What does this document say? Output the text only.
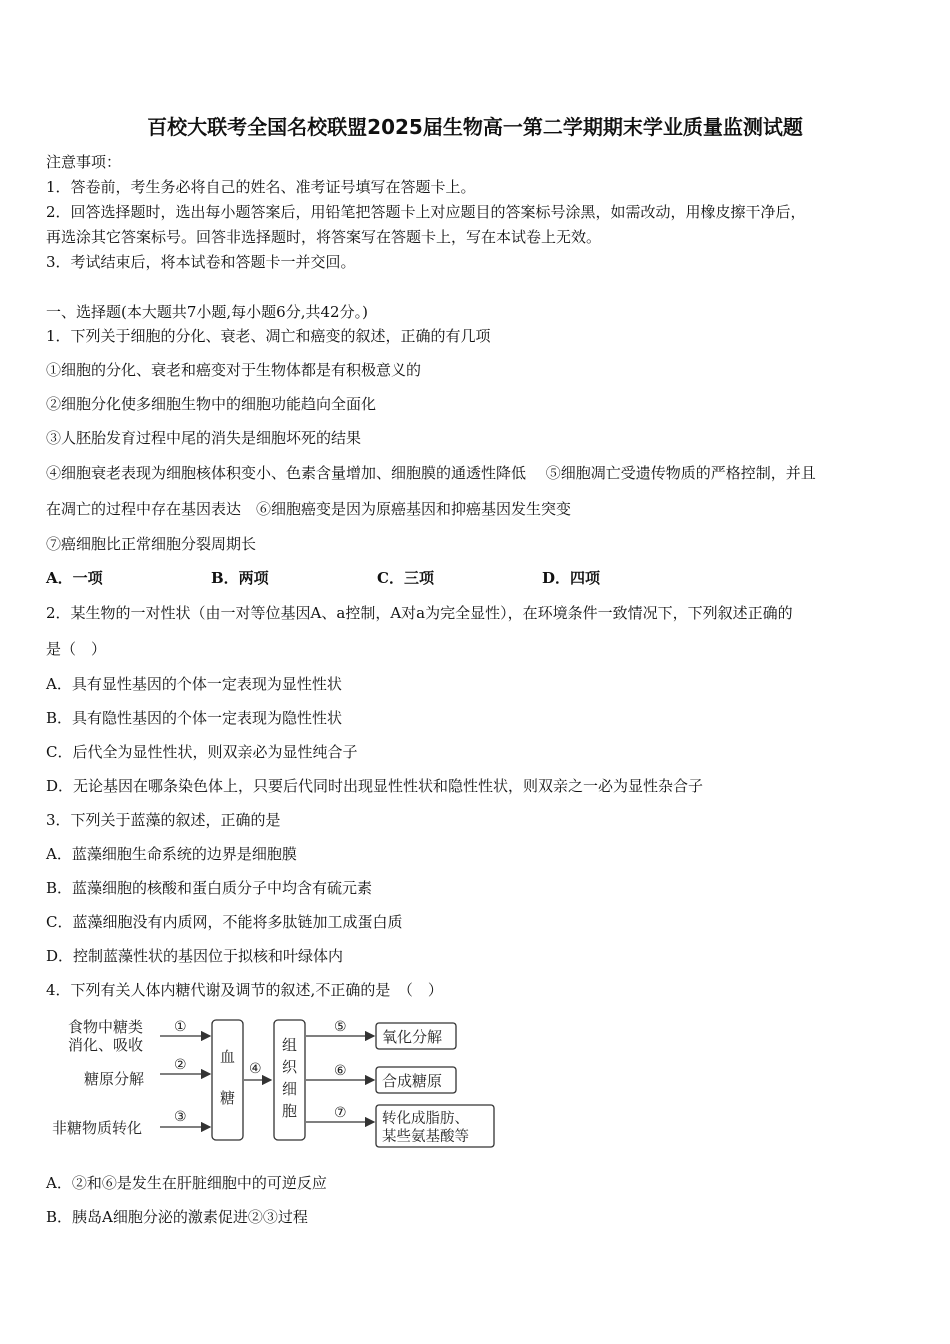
百校大联考全国名校联盟2025届生物高一第二学期期末学业质量监测试题
注意事项：
1．答卷前，考生务必将自己的姓名、准考证号填写在答题卡上。
2．回答选择题时，选出每小题答案后，用铅笔把答题卡上对应题目的答案标号涂黑，如需改动，用橡皮擦干净后，
再选涂其它答案标号。回答非选择题时，将答案写在答题卡上，写在本试卷上无效。
3．考试结束后，将本试卷和答题卡一并交回。
一、选择题(本大题共7小题,每小题6分,共42分。)
1．下列关于细胞的分化、衰老、凋亡和癌变的叙述，正确的有几项
①细胞的分化、衰老和癌变对于生物体都是有积极意义的
②细胞分化使多细胞生物中的细胞功能趋向全面化
③人胚胎发育过程中尾的消失是细胞坏死的结果
④细胞衰老表现为细胞核体积变小、色素含量增加、细胞膜的通透性降低　 ⑤细胞凋亡受遗传物质的严格控制，并且
在凋亡的过程中存在基因表达　⑥细胞癌变是因为原癌基因和抑癌基因发生突变
⑦癌细胞比正常细胞分裂周期长
A．一项	B．两项	C．三项	D．四项
2．某生物的一对性状（由一对等位基因A、a控制，A对a为完全显性），在环境条件一致情况下，下列叙述正确的
是（　）
A．具有显性基因的个体一定表现为显性性状
B．具有隐性基因的个体一定表现为隐性性状
C．后代全为显性性状，则双亲必为显性纯合子
D．无论基因在哪条染色体上，只要后代同时出现显性性状和隐性性状，则双亲之一必为显性杂合子
3．下列关于蓝藻的叙述，正确的是
A．蓝藻细胞生命系统的边界是细胞膜
B．蓝藻细胞的核酸和蛋白质分子中均含有硫元素
C．蓝藻细胞没有内质网，不能将多肽链加工成蛋白质
D．控制蓝藻性状的基因位于拟核和叶绿体内
4．下列有关人体内糖代谢及调节的叙述,不正确的是　（　）
食物中糖类
消化、吸收
糖原分解
非糖物质转化
①
②
③
血
糖
④
组
织
细
胞
⑤
⑥
⑦
氧化分解
合成糖原
转化成脂肪、
某些氨基酸等
A．②和⑥是发生在肝脏细胞中的可逆反应
B．胰岛A细胞分泌的激素促进②③过程
